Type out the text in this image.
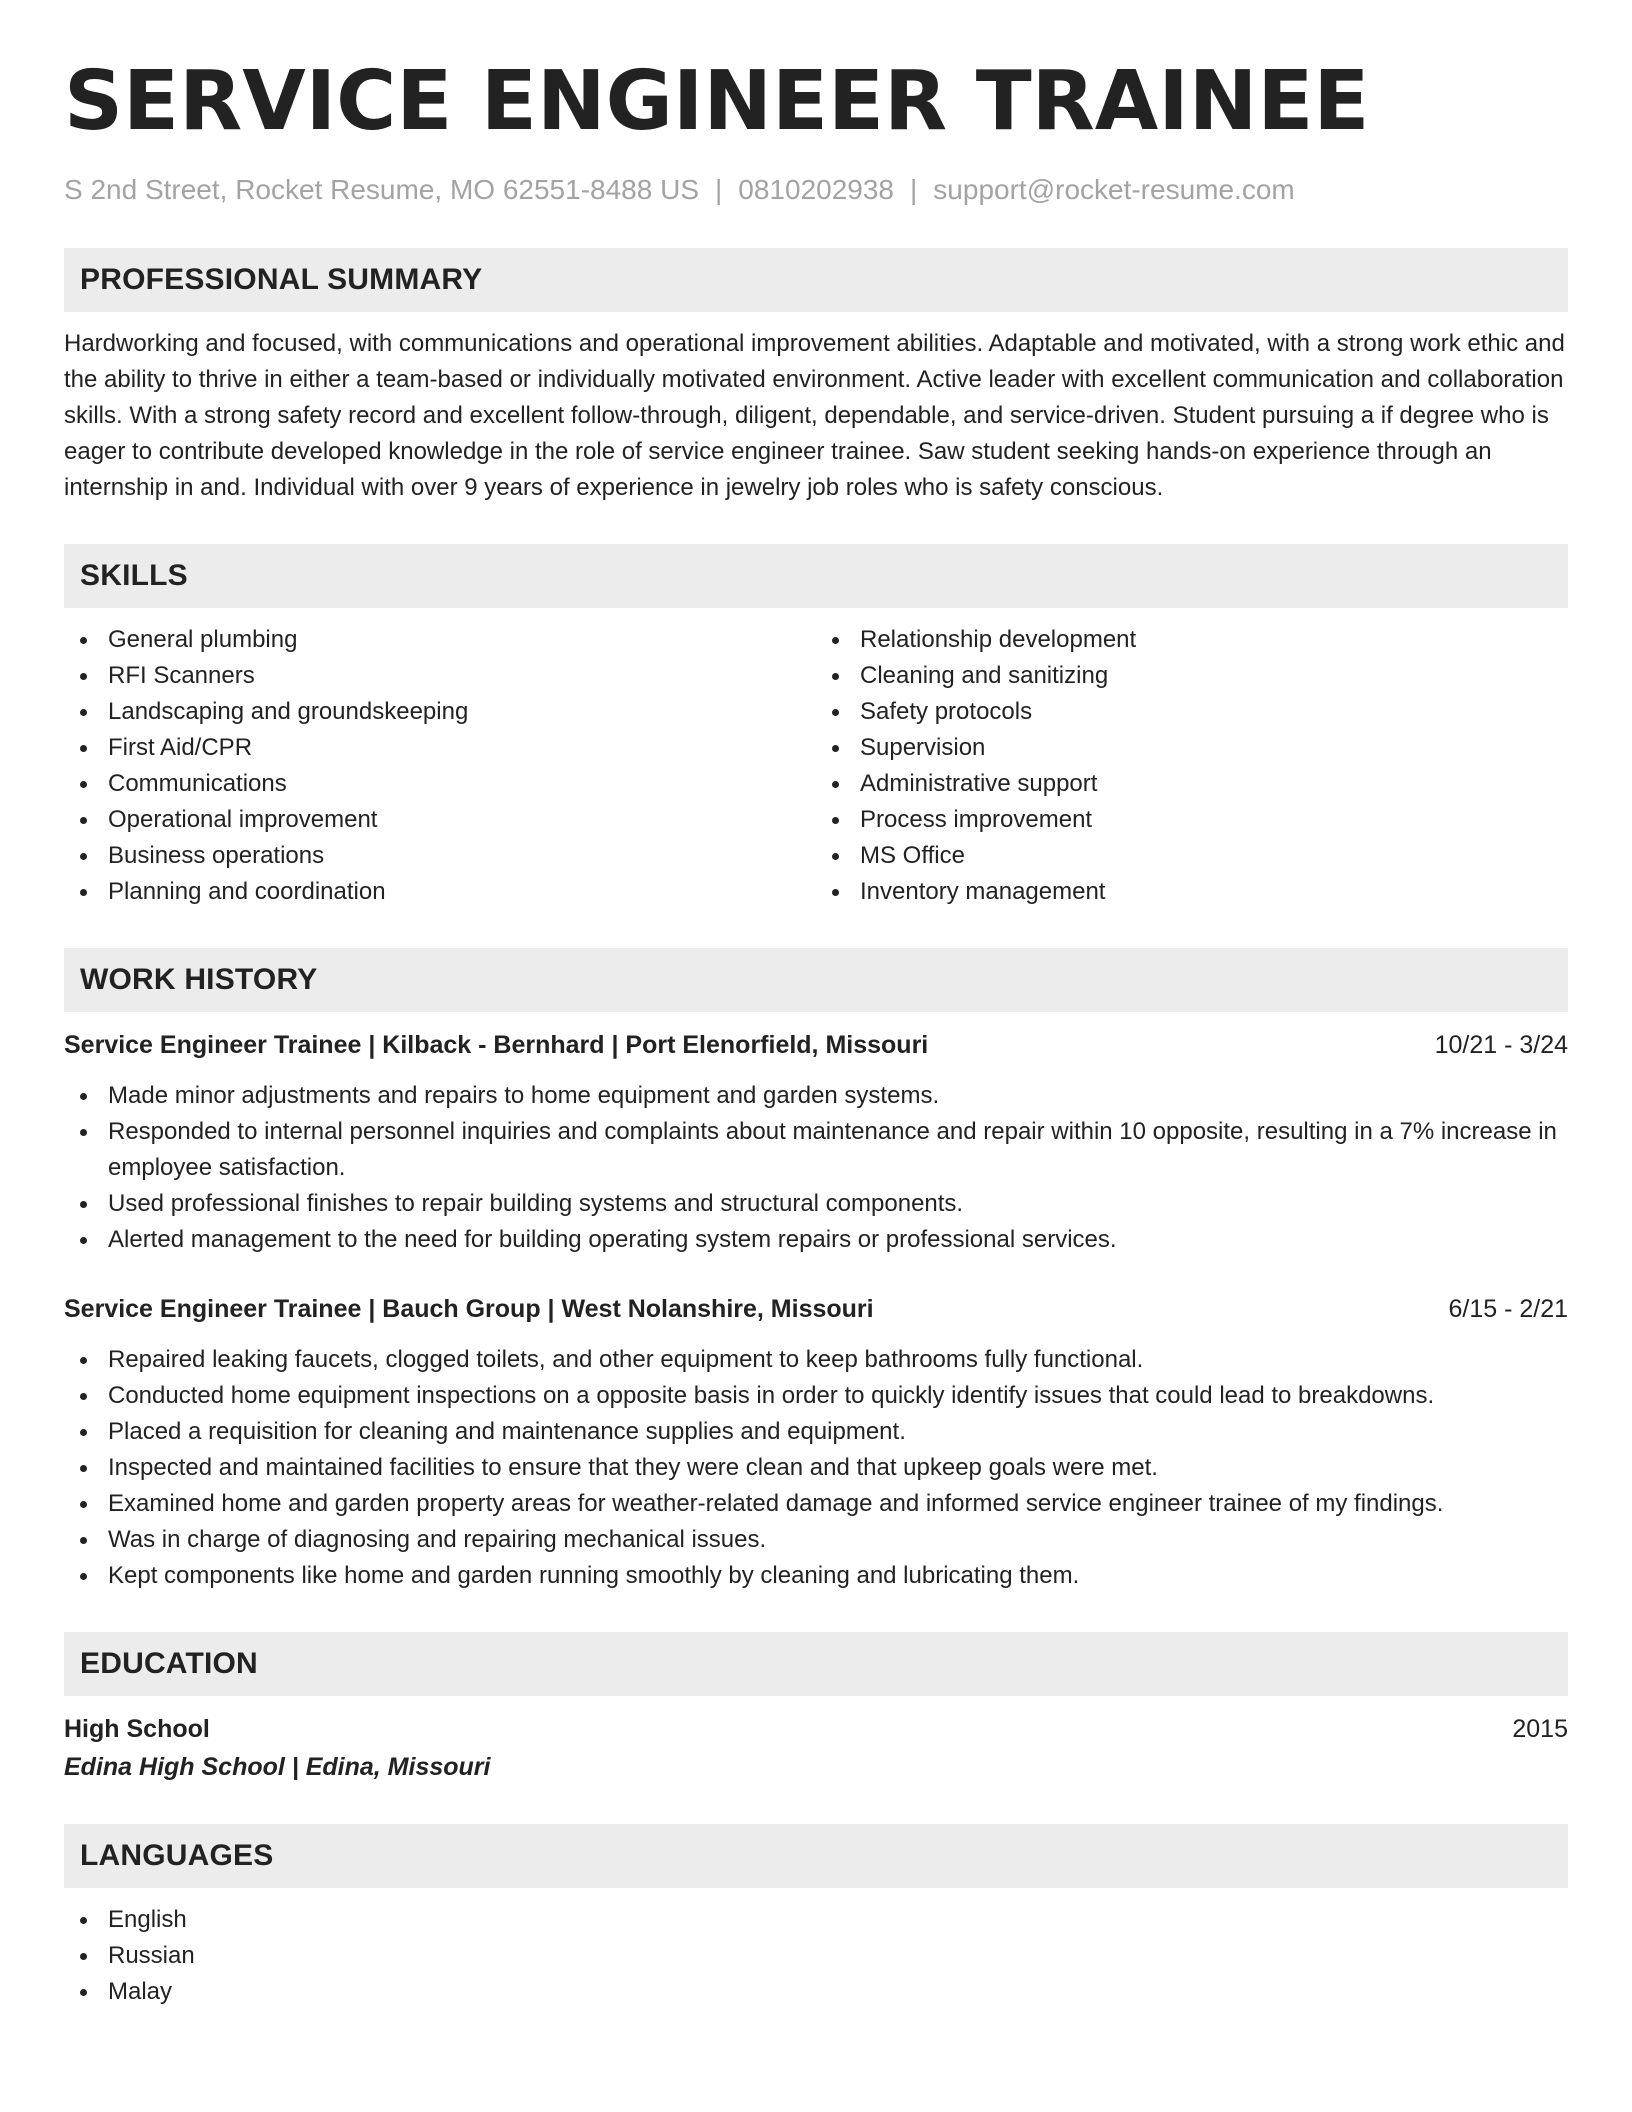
SERVICE ENGINEER TRAINEE
S 2nd Street, Rocket Resume, MO 62551-8488 US | 0810202938 | support@rocket-resume.com
PROFESSIONAL SUMMARY

Hardworking and focused, with communications and operational improvement abilities. Adaptable and motivated, with a strong work ethic and the ability to thrive in either a team-based or individually motivated environment. Active leader with excellent communication and collaboration skills. With a strong safety record and excellent follow-through, diligent, dependable, and service-driven. Student pursuing a if degree who is eager to contribute developed knowledge in the role of service engineer trainee. Saw student seeking hands-on experience through an internship in and. Individual with over 9 years of experience in jewelry job roles who is safety conscious.

SKILLS
General plumbing
RFI Scanners
Landscaping and groundskeeping
First Aid/CPR
Communications
Operational improvement
Business operations
Planning and coordination
Relationship development
Cleaning and sanitizing
Safety protocols
Supervision
Administrative support
Process improvement
MS Office
Inventory management
WORK HISTORY
Service Engineer Trainee | Kilback - Bernhard | Port Elenorfield, Missouri	10/21 - 3/24
Made minor adjustments and repairs to home equipment and garden systems.
Responded to internal personnel inquiries and complaints about maintenance and repair within 10 opposite, resulting in a 7% increase in employee satisfaction.
Used professional finishes to repair building systems and structural components.
Alerted management to the need for building operating system repairs or professional services.
Service Engineer Trainee | Bauch Group | West Nolanshire, Missouri	6/15 - 2/21
Repaired leaking faucets, clogged toilets, and other equipment to keep bathrooms fully functional.
Conducted home equipment inspections on a opposite basis in order to quickly identify issues that could lead to breakdowns.
Placed a requisition for cleaning and maintenance supplies and equipment.
Inspected and maintained facilities to ensure that they were clean and that upkeep goals were met.
Examined home and garden property areas for weather-related damage and informed service engineer trainee of my findings.
Was in charge of diagnosing and repairing mechanical issues.
Kept components like home and garden running smoothly by cleaning and lubricating them.
EDUCATION
High School	2015
Edina High School | Edina, Missouri
LANGUAGES
English
Russian
Malay
